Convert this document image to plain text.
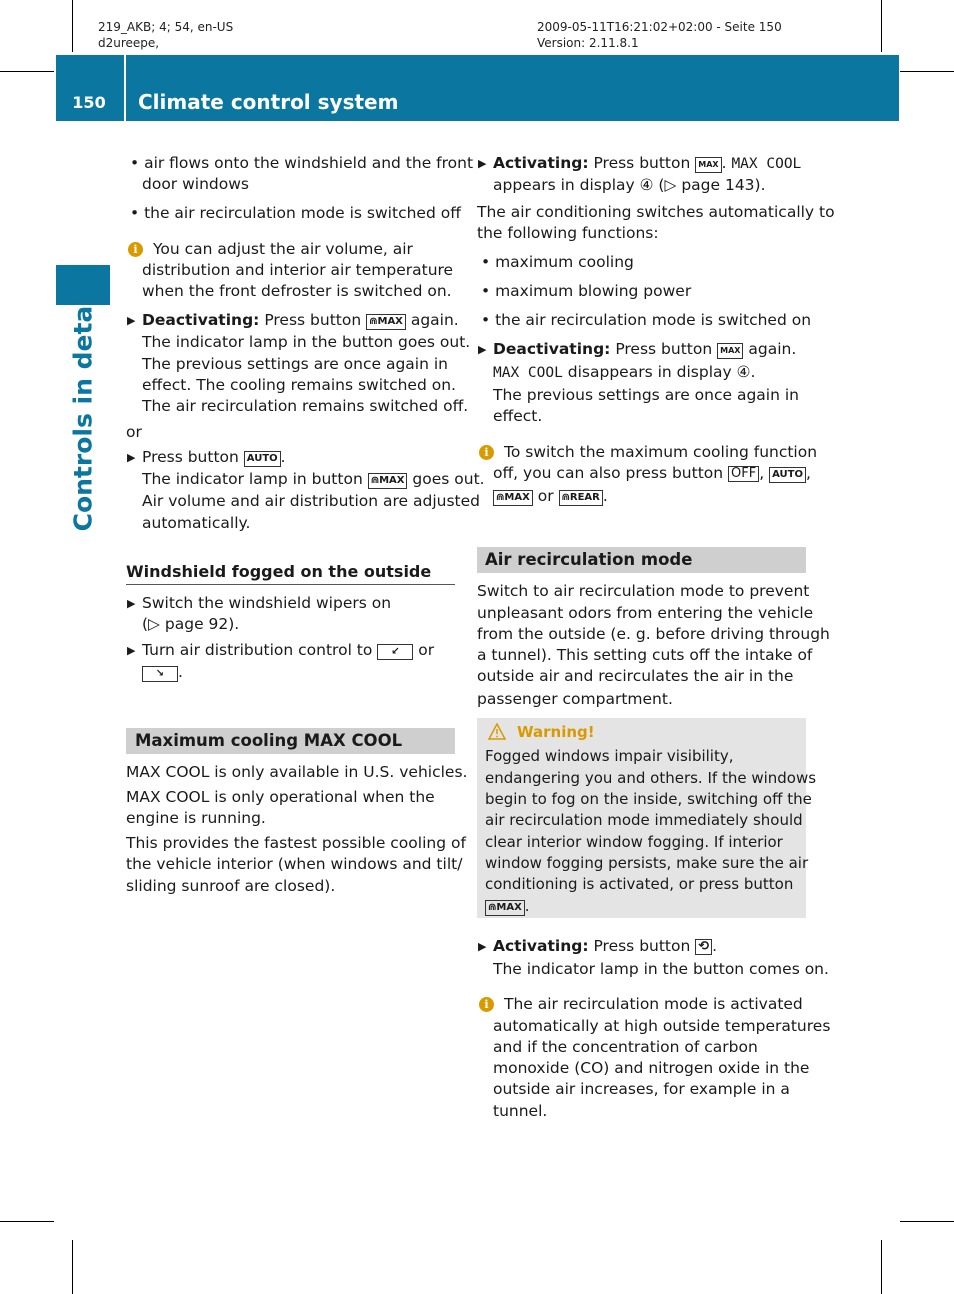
219_AKB; 4; 54, en-US
d2ureepe,
2009-05-11T16:21:02+02:00 - Seite 150
Version: 2.11.8.1
150	Climate control system
Controls in detail
• air flows onto the windshield and the front
door windows
• the air recirculation mode is switched off
i You can adjust the air volume, air
distribution and interior air temperature
when the front defroster is switched on.
▶ Deactivating: Press button ⋒MAX again.
The indicator lamp in the button goes out.
The previous settings are once again in
effect. The cooling remains switched on.
The air recirculation remains switched off.
or
▶ Press button AUTO .
The indicator lamp in button ⋒MAX goes out.
Air volume and air distribution are adjusted
automatically.
Windshield fogged on the outside
▶ Switch the windshield wipers on
(▷ page 92).
▶ Turn air distribution control to ↙ or
↘ .
Maximum cooling MAX COOL
MAX COOL is only available in U.S. vehicles.
MAX COOL is only operational when the
engine is running.
This provides the fastest possible cooling of
the vehicle interior (when windows and tilt/
sliding sunroof are closed).
▶ Activating: Press button MAX . MAX COOL
appears in display ④ (▷ page 143).
The air conditioning switches automatically to
the following functions:
• maximum cooling
• maximum blowing power
• the air recirculation mode is switched on
▶ Deactivating: Press button MAX again.
MAX COOL disappears in display ④.
The previous settings are once again in
effect.
i To switch the maximum cooling function
off, you can also press button OFF , AUTO ,
⋒MAX or ⋒REAR .
Air recirculation mode
Switch to air recirculation mode to prevent
unpleasant odors from entering the vehicle
from the outside (e. g. before driving through
a tunnel). This setting cuts off the intake of
outside air and recirculates the air in the
passenger compartment.
Warning!
Fogged windows impair visibility,
endangering you and others. If the windows
begin to fog on the inside, switching off the
air recirculation mode immediately should
clear interior window fogging. If interior
window fogging persists, make sure the air
conditioning is activated, or press button
⋒MAX .
▶ Activating: Press button ⟲ .
The indicator lamp in the button comes on.
i The air recirculation mode is activated
automatically at high outside temperatures
and if the concentration of carbon
monoxide (CO) and nitrogen oxide in the
outside air increases, for example in a
tunnel.
